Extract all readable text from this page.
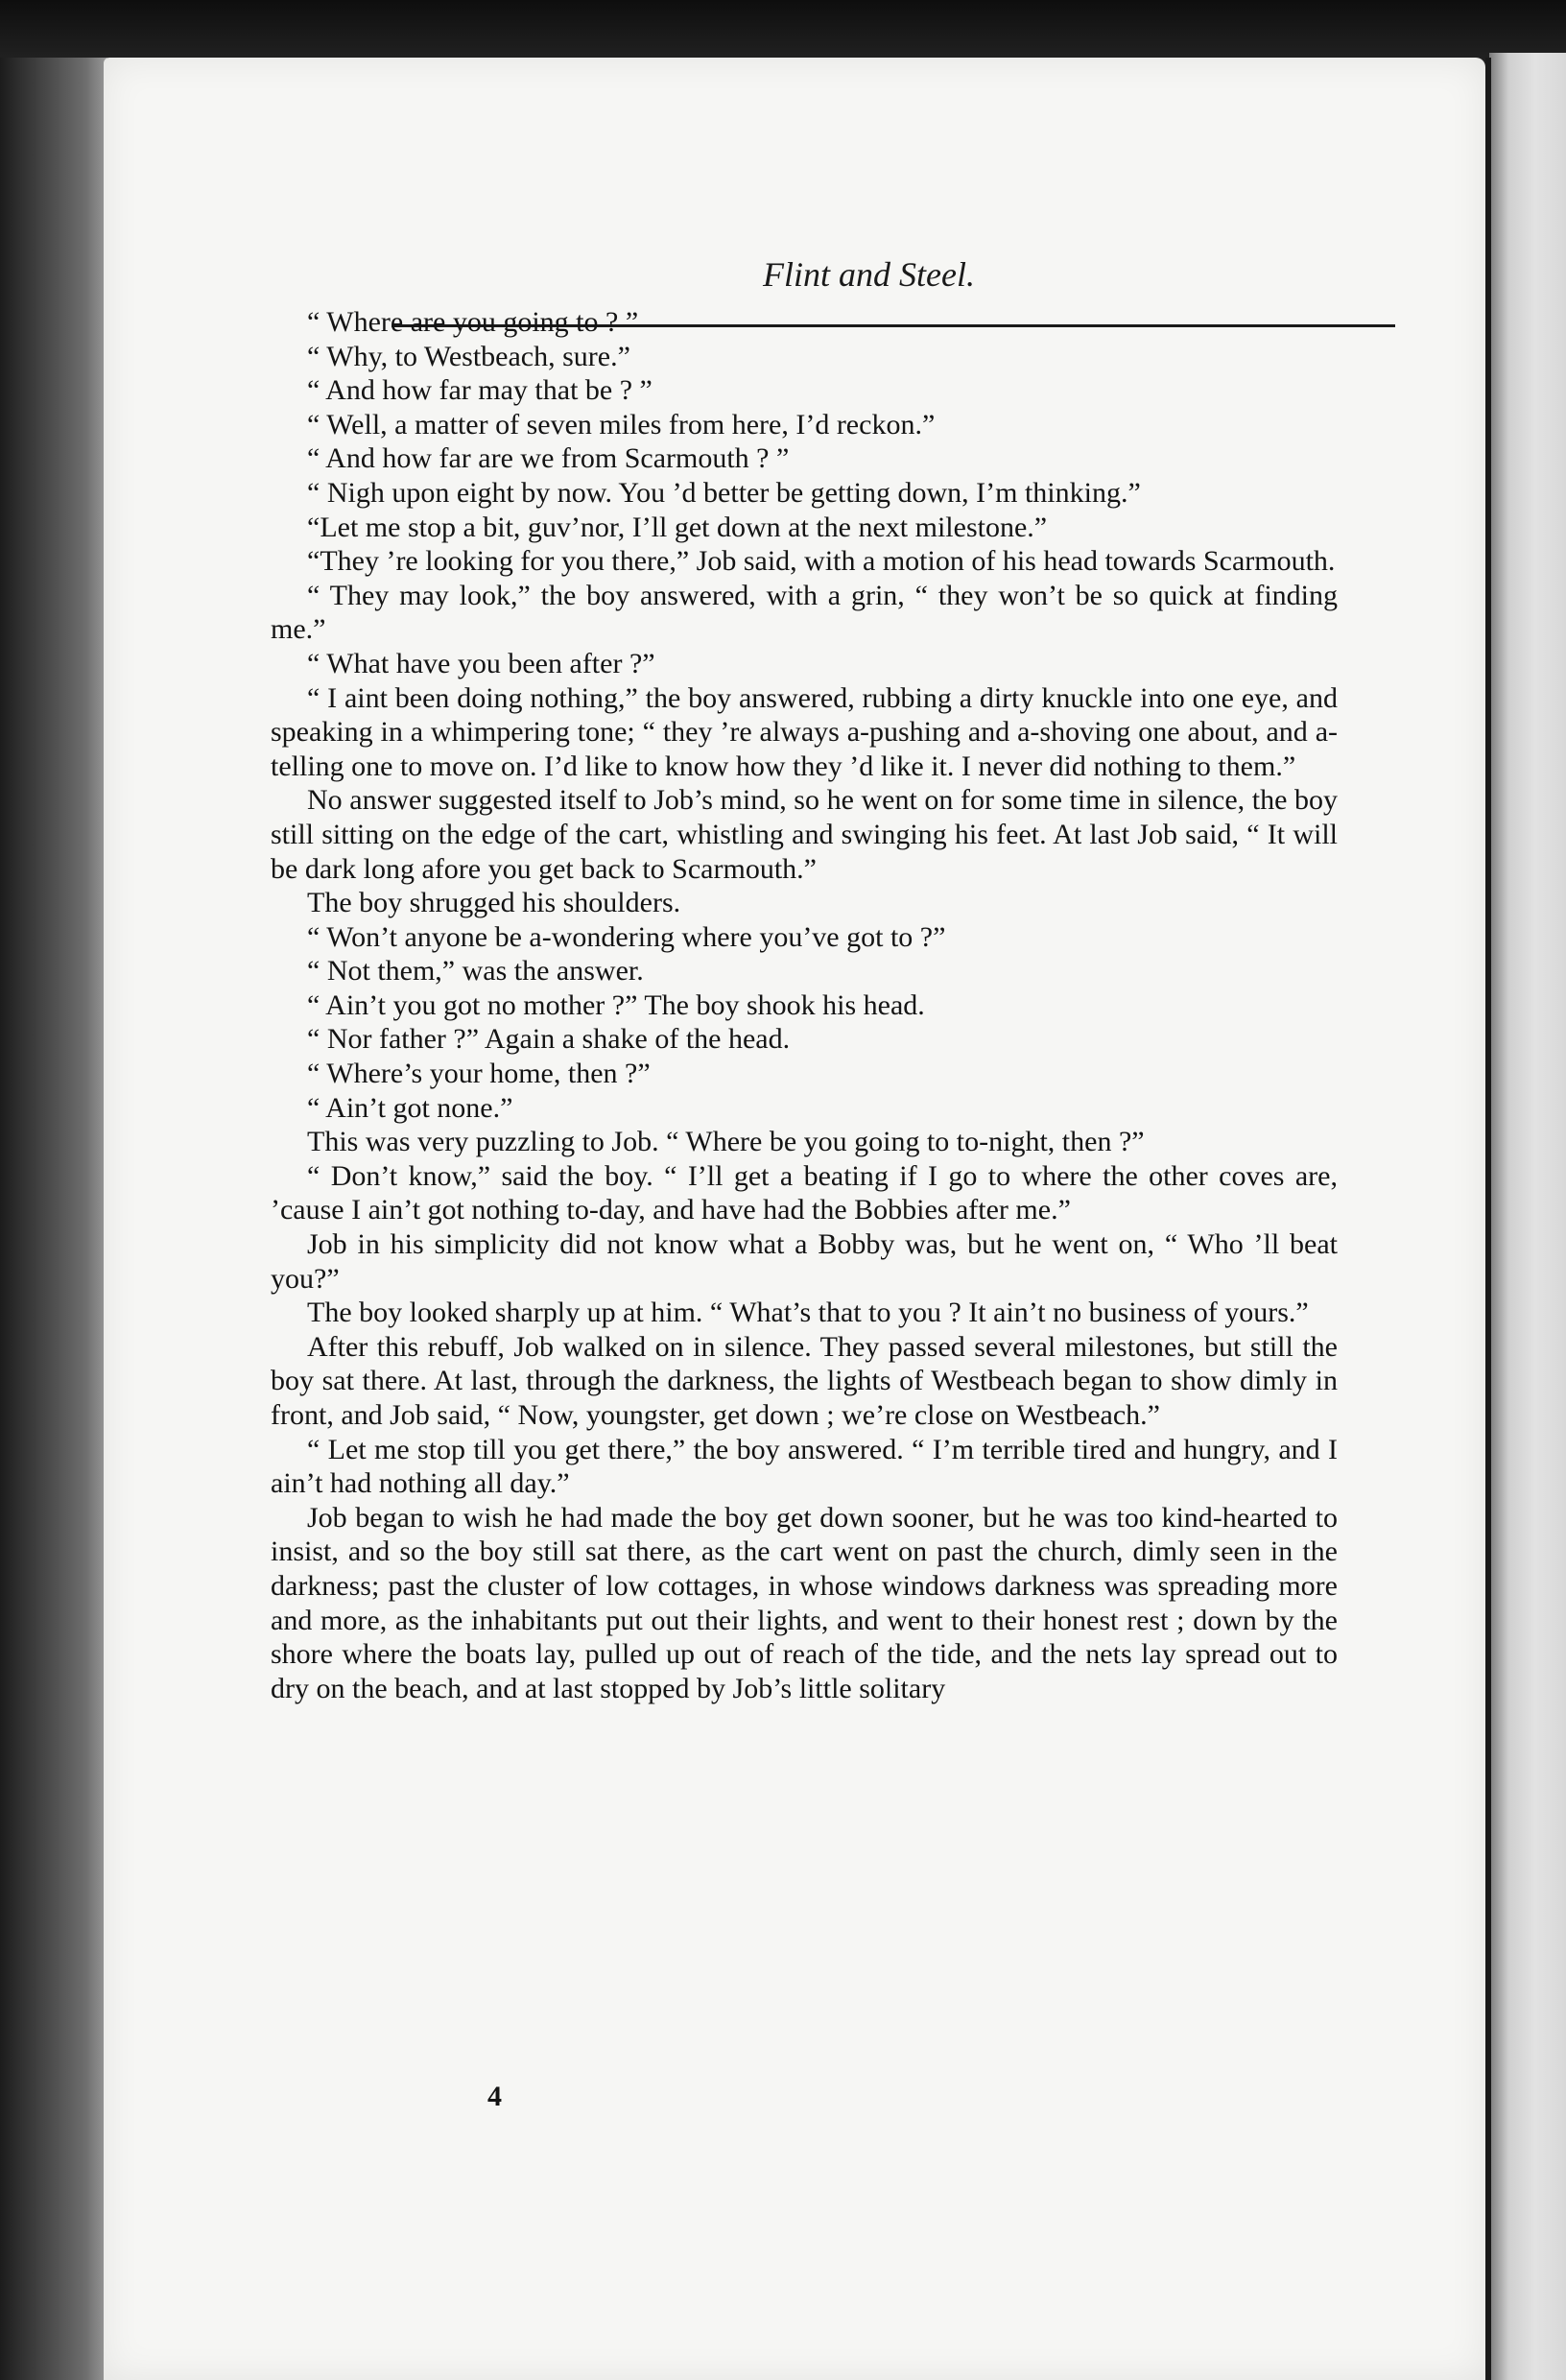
Flint and Steel.

“ Where are you going to ? ”

“ Why, to Westbeach, sure.”

“ And how far may that be ? ”

“ Well, a matter of seven miles from here, I’d reckon.”

“ And how far are we from Scarmouth ? ”

“ Nigh upon eight by now. You ’d better be getting down, I’m thinking.”

“Let me stop a bit, guv’nor, I’ll get down at the next milestone.”

“They ’re looking for you there,” Job said, with a motion of his head towards Scarmouth.

“ They may look,” the boy answered, with a grin, “ they won’t be so quick at finding me.”

“ What have you been after ?”

“ I aint been doing nothing,” the boy answered, rubbing a dirty knuckle into one eye, and speaking in a whimpering tone; “ they ’re always a-pushing and a-shoving one about, and a-telling one to move on. I’d like to know how they ’d like it. I never did nothing to them.”

No answer suggested itself to Job’s mind, so he went on for some time in silence, the boy still sitting on the edge of the cart, whistling and swinging his feet. At last Job said, “ It will be dark long afore you get back to Scarmouth.”

The boy shrugged his shoulders.

“ Won’t anyone be a-wondering where you’ve got to ?”

“ Not them,” was the answer.

“ Ain’t you got no mother ?” The boy shook his head.

“ Nor father ?” Again a shake of the head.

“ Where’s your home, then ?”

“ Ain’t got none.”

This was very puzzling to Job. “ Where be you going to to-night, then ?”

“ Don’t know,” said the boy. “ I’ll get a beating if I go to where the other coves are, ’cause I ain’t got nothing to-day, and have had the Bobbies after me.”

Job in his simplicity did not know what a Bobby was, but he went on, “ Who ’ll beat you?”

The boy looked sharply up at him. “ What’s that to you ? It ain’t no business of yours.”

After this rebuff, Job walked on in silence. They passed several milestones, but still the boy sat there. At last, through the darkness, the lights of Westbeach began to show dimly in front, and Job said, “ Now, youngster, get down ; we’re close on Westbeach.”

“ Let me stop till you get there,” the boy answered. “ I’m terrible tired and hungry, and I ain’t had nothing all day.”

Job began to wish he had made the boy get down sooner, but he was too kind-hearted to insist, and so the boy still sat there, as the cart went on past the church, dimly seen in the darkness; past the cluster of low cottages, in whose windows darkness was spreading more and more, as the inhabitants put out their lights, and went to their honest rest ; down by the shore where the boats lay, pulled up out of reach of the tide, and the nets lay spread out to dry on the beach, and at last stopped by Job’s little solitary

4
